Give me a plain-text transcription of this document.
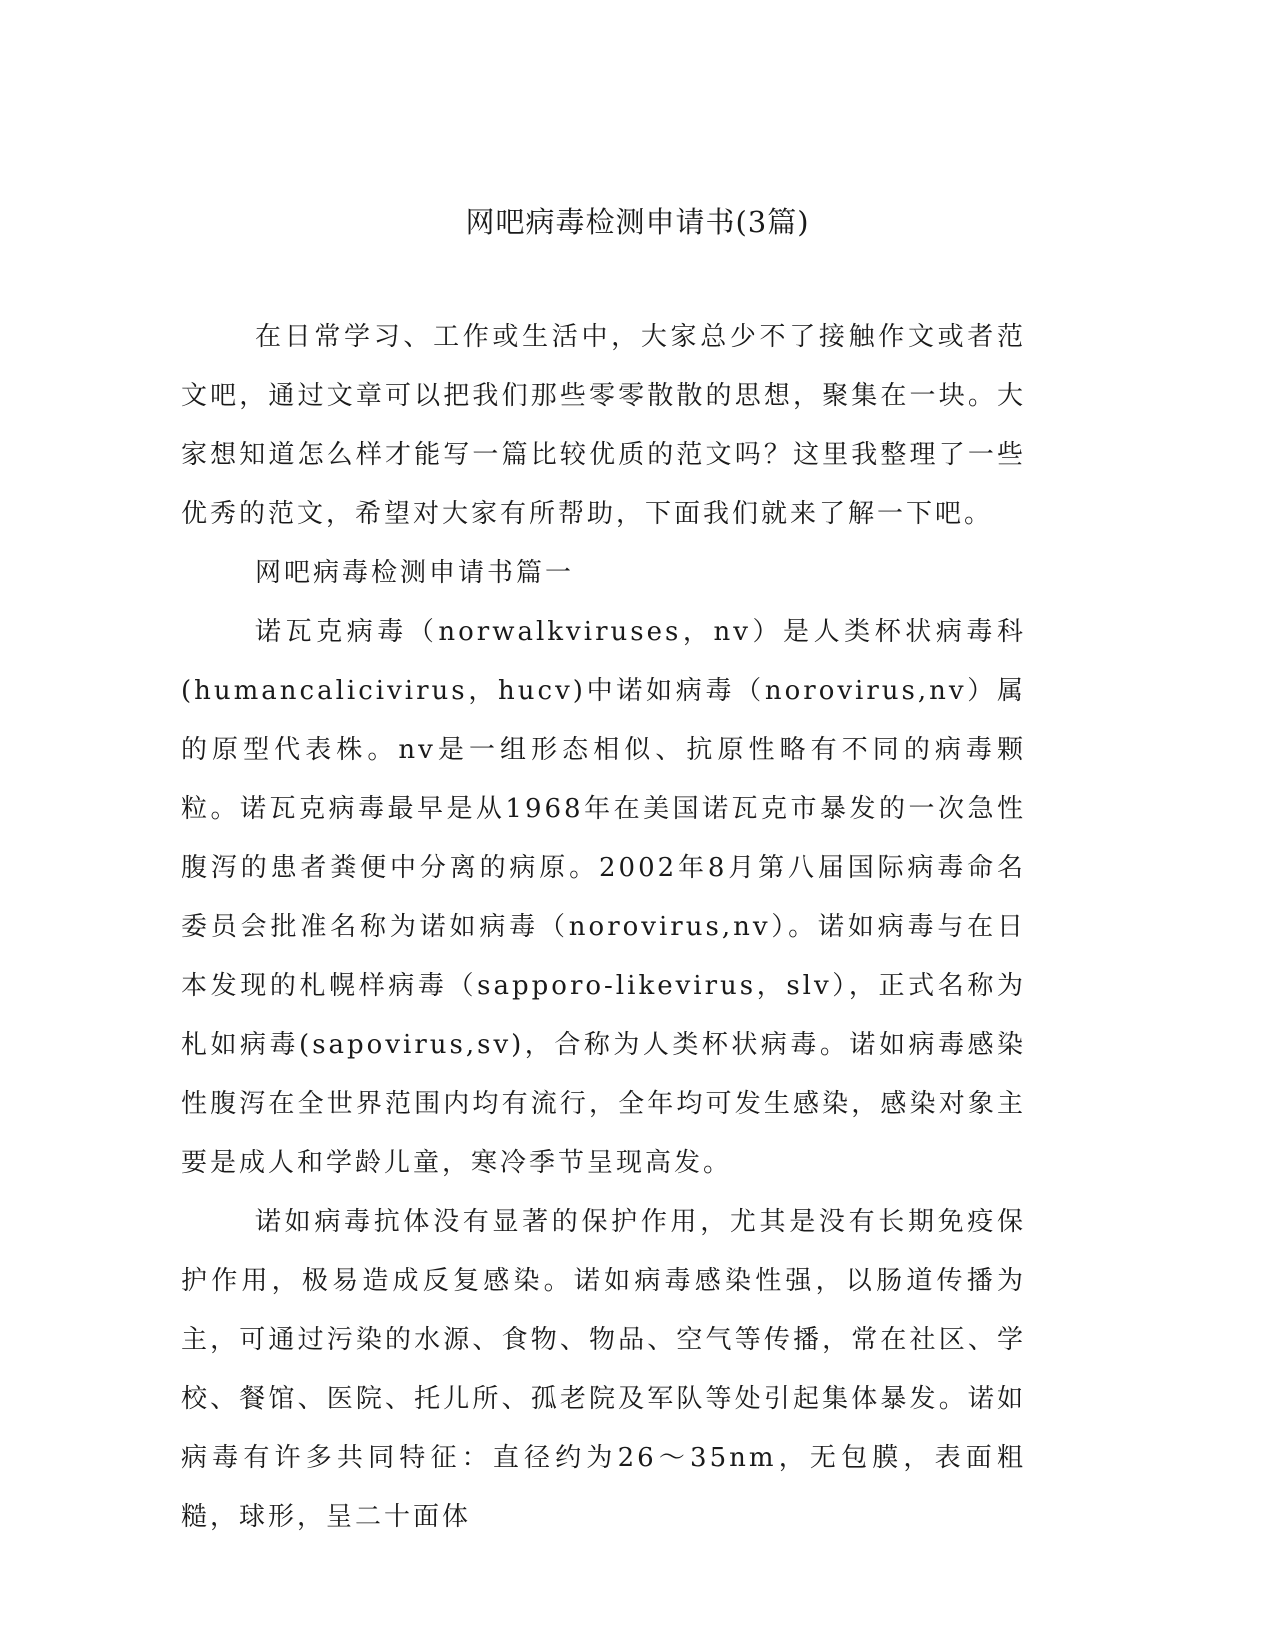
网吧病毒检测申请书(3篇)

在日常学习、工作或生活中，大家总少不了接触作文或者范文吧，通过文章可以把我们那些零零散散的思想，聚集在一块。大家想知道怎么样才能写一篇比较优质的范文吗？这里我整理了一些优秀的范文，希望对大家有所帮助，下面我们就来了解一下吧。

网吧病毒检测申请书篇一

诺瓦克病毒（norwalkviruses，nv）是人类杯状病毒科(humancalicivirus，hucv)中诺如病毒（norovirus,nv）属的原型代表株。nv是一组形态相似、抗原性略有不同的病毒颗粒。诺瓦克病毒最早是从1968年在美国诺瓦克市暴发的一次急性腹泻的患者粪便中分离的病原。2002年8月第八届国际病毒命名委员会批准名称为诺如病毒（norovirus,nv）。诺如病毒与在日本发现的札幌样病毒（sapporo-likevirus，slv），正式名称为札如病毒(sapovirus,sv)，合称为人类杯状病毒。诺如病毒感染性腹泻在全世界范围内均有流行，全年均可发生感染，感染对象主要是成人和学龄儿童，寒冷季节呈现高发。

诺如病毒抗体没有显著的保护作用，尤其是没有长期免疫保护作用，极易造成反复感染。诺如病毒感染性强，以肠道传播为主，可通过污染的水源、食物、物品、空气等传播，常在社区、学校、餐馆、医院、托儿所、孤老院及军队等处引起集体暴发。诺如病毒有许多共同特征：直径约为26～35nm，无包膜，表面粗糙，球形，呈二十面体
